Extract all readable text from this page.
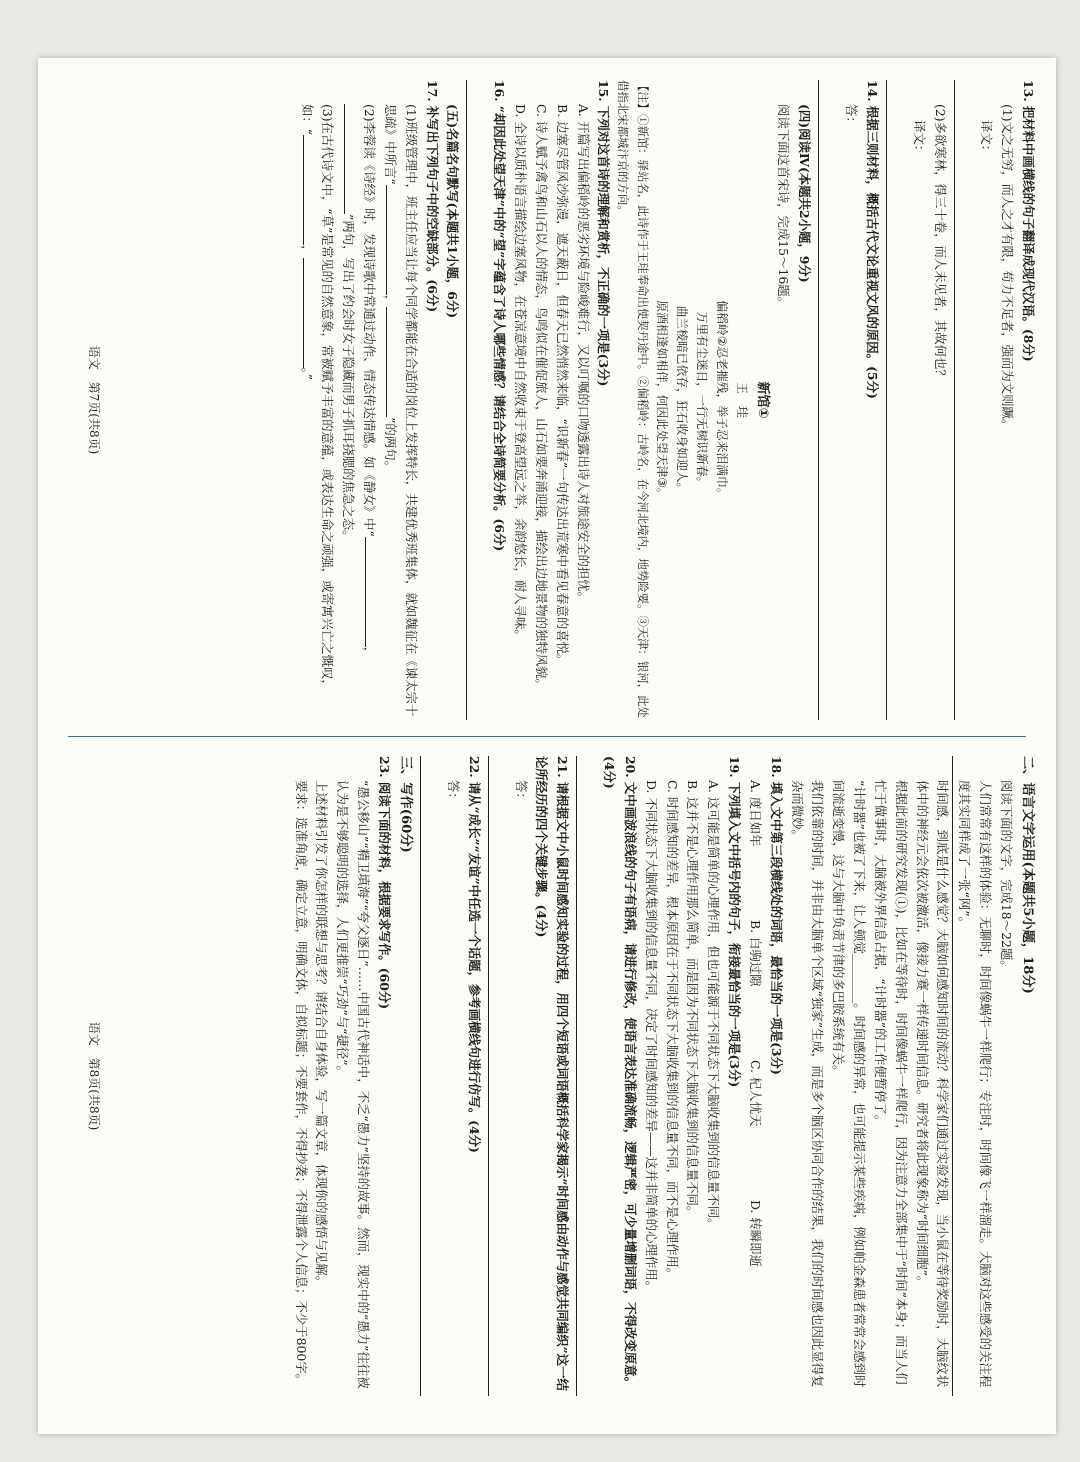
13. 把材料中画横线的句子翻译成现代汉语。(8分)

(1)文之无穷，而人之才有限，苟力不足者，强而为文则蹶。

译文：

(2)多欲寒林，得三十卷，而人未见者，其故何也？

译文：

14. 根据三则材料，概括古代文论重视文风的原因。(5分)

答：

(四)阅读Ⅳ(本题共2小题，9分)

阅读下面这首宋诗，完成15～16题。

新馆①

王　珪

偏稻岭②忍老摧残，举子忍来泪满巾。

万里有尘迷日，一行无树识新春。

曲兰棱暗已依存，狂石收身如迎人。

原酒相逢如相伴，何因此处望天津③。

【注】①新馆：驿站名，此诗作于王珪奉命出使契丹途中。②偏稻岭：古岭名，在今河北境内，地势险要。③天津：银河，此处借指北宋都城汴京的方向。

15. 下列对这首诗的理解和赏析，不正确的一项是(3分)

A. 开篇写出偏稻岭的恶劣环境与险峻难行，又以叮嘱的口吻透露出诗人对旅途安全的担忧。

B. 边塞尽管风沙弥漫，遮天蔽日，但春天已然悄然来临，“识新春”一句传达出荒寒中看见春意的喜悦。

C. 诗人赋予禽鸟和山石以人的情态，鸟鸣似在催促旅人，山石如要奔涌迎接，描绘出边地景物的独特风貌。

D. 全诗以质朴语言描绘边塞风物，在苍凉意境中自然收束于登高望远之举，余韵悠长，耐人寻味。

16. “却因此处望天津”中的“望”字蕴含了诗人哪些情感？请结合全诗简要分析。(6分)

(五)名篇名句默写(本题共1小题，6分)

17. 补写出下列句子中的空缺部分。(6分)

(1)班级管理中，班主任应当让每个同学都能在合适的岗位上发挥特长，共建优秀班集体，就如魏征在《谏太宗十思疏》中所言“，”的两句。

(2)李蓉读《诗经》时，发现诗歌中常通过动作、情态传达情感。如《静女》中“，”两句，写出了约会时女子隐藏而男子抓耳挠腮的焦急之态。

(3)在古代诗文中，“草”是常见的自然意象，常被赋予丰富的意蕴，或表达生命之顽强，或寄寓兴亡之慨叹，如：“，。”

语文　第7页(共8页)

二、语言文字运用(本题共5小题，18分)

阅读下面的文字，完成18～22题。

人们常常有这样的体验：无聊时，时间像蜗牛一样爬行；专注时，时间像飞一样溜走。大脑对这些感受的关注程度其实同样成了一张“网”。

时间感，到底是什么感觉？大脑如何感知时间的流动？科学家们通过实验发现，当小鼠在等待奖励时，大脑纹状体中的神经元会依次被激活，像接力赛一样传递时间信息。研究者将此现象称为“时间细胞”。

根据此前的研究发现(①)，比如在等待时，时间像蜗牛一样爬行，因为注意力全部集中于“时间”本身；而当人们忙于做事时，大脑被外界信息占据，“计时器”的工作便暂停了。

“计时器”也被了下来，让人顿觉________。时间感的异常，也可能提示某些疾病，例如帕金森患者常常会感到时间流逝变慢，这与大脑中负责节律的多巴胺系统有关。

我们依靠的时间，并非由大脑单个区域“独家”生成，而是多个脑区协同合作的结果，我们的时间感也因此显得复杂而微妙。

18. 填入文中第三段横线处的词语，最恰当的一项是(3分)

A. 度日如年B. 白驹过隙C. 杞人忧天D. 转瞬即逝

19. 下列填入文中括号内的句子，衔接最恰当的一项是(3分)

A. 这可能是简单的心理作用，但也可能源于不同状态下大脑收集到的信息量不同。

B. 这并不是心理作用那么简单，而是因为不同状态下大脑收集到的信息量不同。

C. 时间感知的差异，根本原因在于不同状态下大脑收集到的信息量不同，而不是心理作用。

D. 不同状态下大脑收集到的信息量不同，决定了时间感知的差异——这并非简单的心理作用。

20. 文中画波浪线的句子有语病，请进行修改，使语言表达准确流畅，逻辑严密，可少量增删词语，不得改变原意。(4分)

21. 请根据文中小鼠时间感知实验的过程，用四个短语或词语概括科学家揭示“时间感由动作与感觉共同编织”这一结论所经历的四个关键步骤。(4分)

答：

22. 请从“成长”“友谊”中任选一个话题，参考画横线句进行仿写。(4分)

答：

三、写作(60分)

23. 阅读下面的材料，根据要求写作。(60分)

“愚公移山”“精卫填海”“夸父逐日”……中国古代神话中，不乏“愚力”坚持的故事。然而，现实中的“愚力”往往被认为是不够聪明的选择，人们更推崇“巧劲”与“捷径”。

上述材料引发了你怎样的联想与思考？请结合自身体验，写一篇文章，体现你的感悟与见解。

要求：选准角度，确定立意，明确文体，自拟标题；不要套作，不得抄袭；不得泄露个人信息；不少于800字。

语文　第8页(共8页)
